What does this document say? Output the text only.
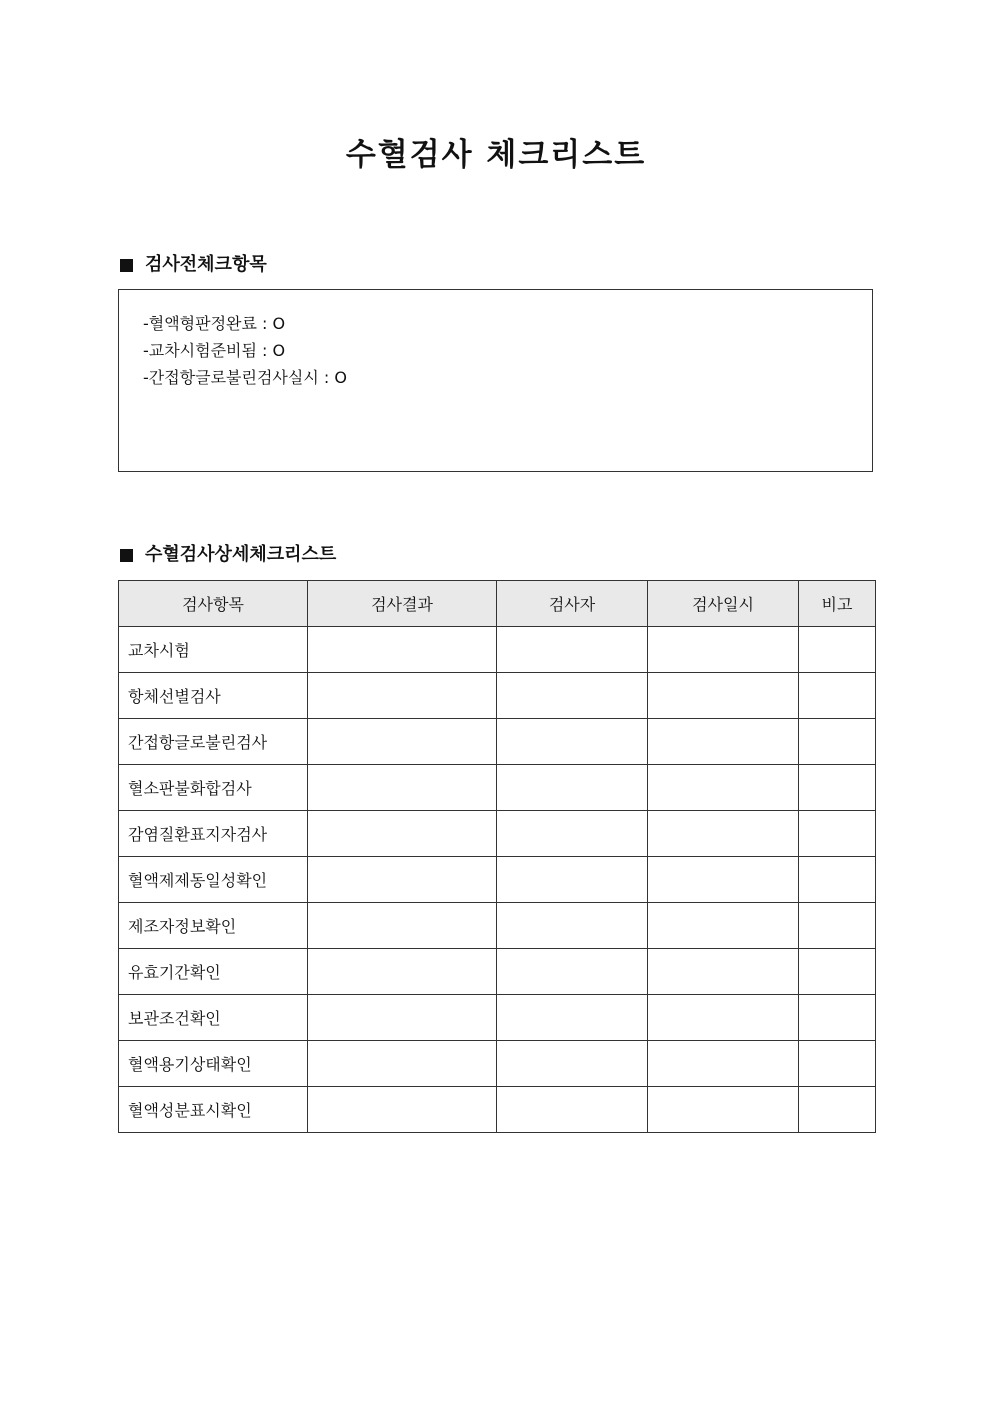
수혈검사 체크리스트
검사전체크항목

-혈액형판정완료 : O

-교차시험준비됨 : O

-간접항글로불린검사실시 : O

수혈검사상세체크리스트
검사항목	검사결과	검사자	검사일시	비고
교차시험				
항체선별검사				
간접항글로불린검사				
혈소판불화합검사				
감염질환표지자검사				
혈액제제동일성확인				
제조자정보확인				
유효기간확인				
보관조건확인				
혈액용기상태확인				
혈액성분표시확인				
